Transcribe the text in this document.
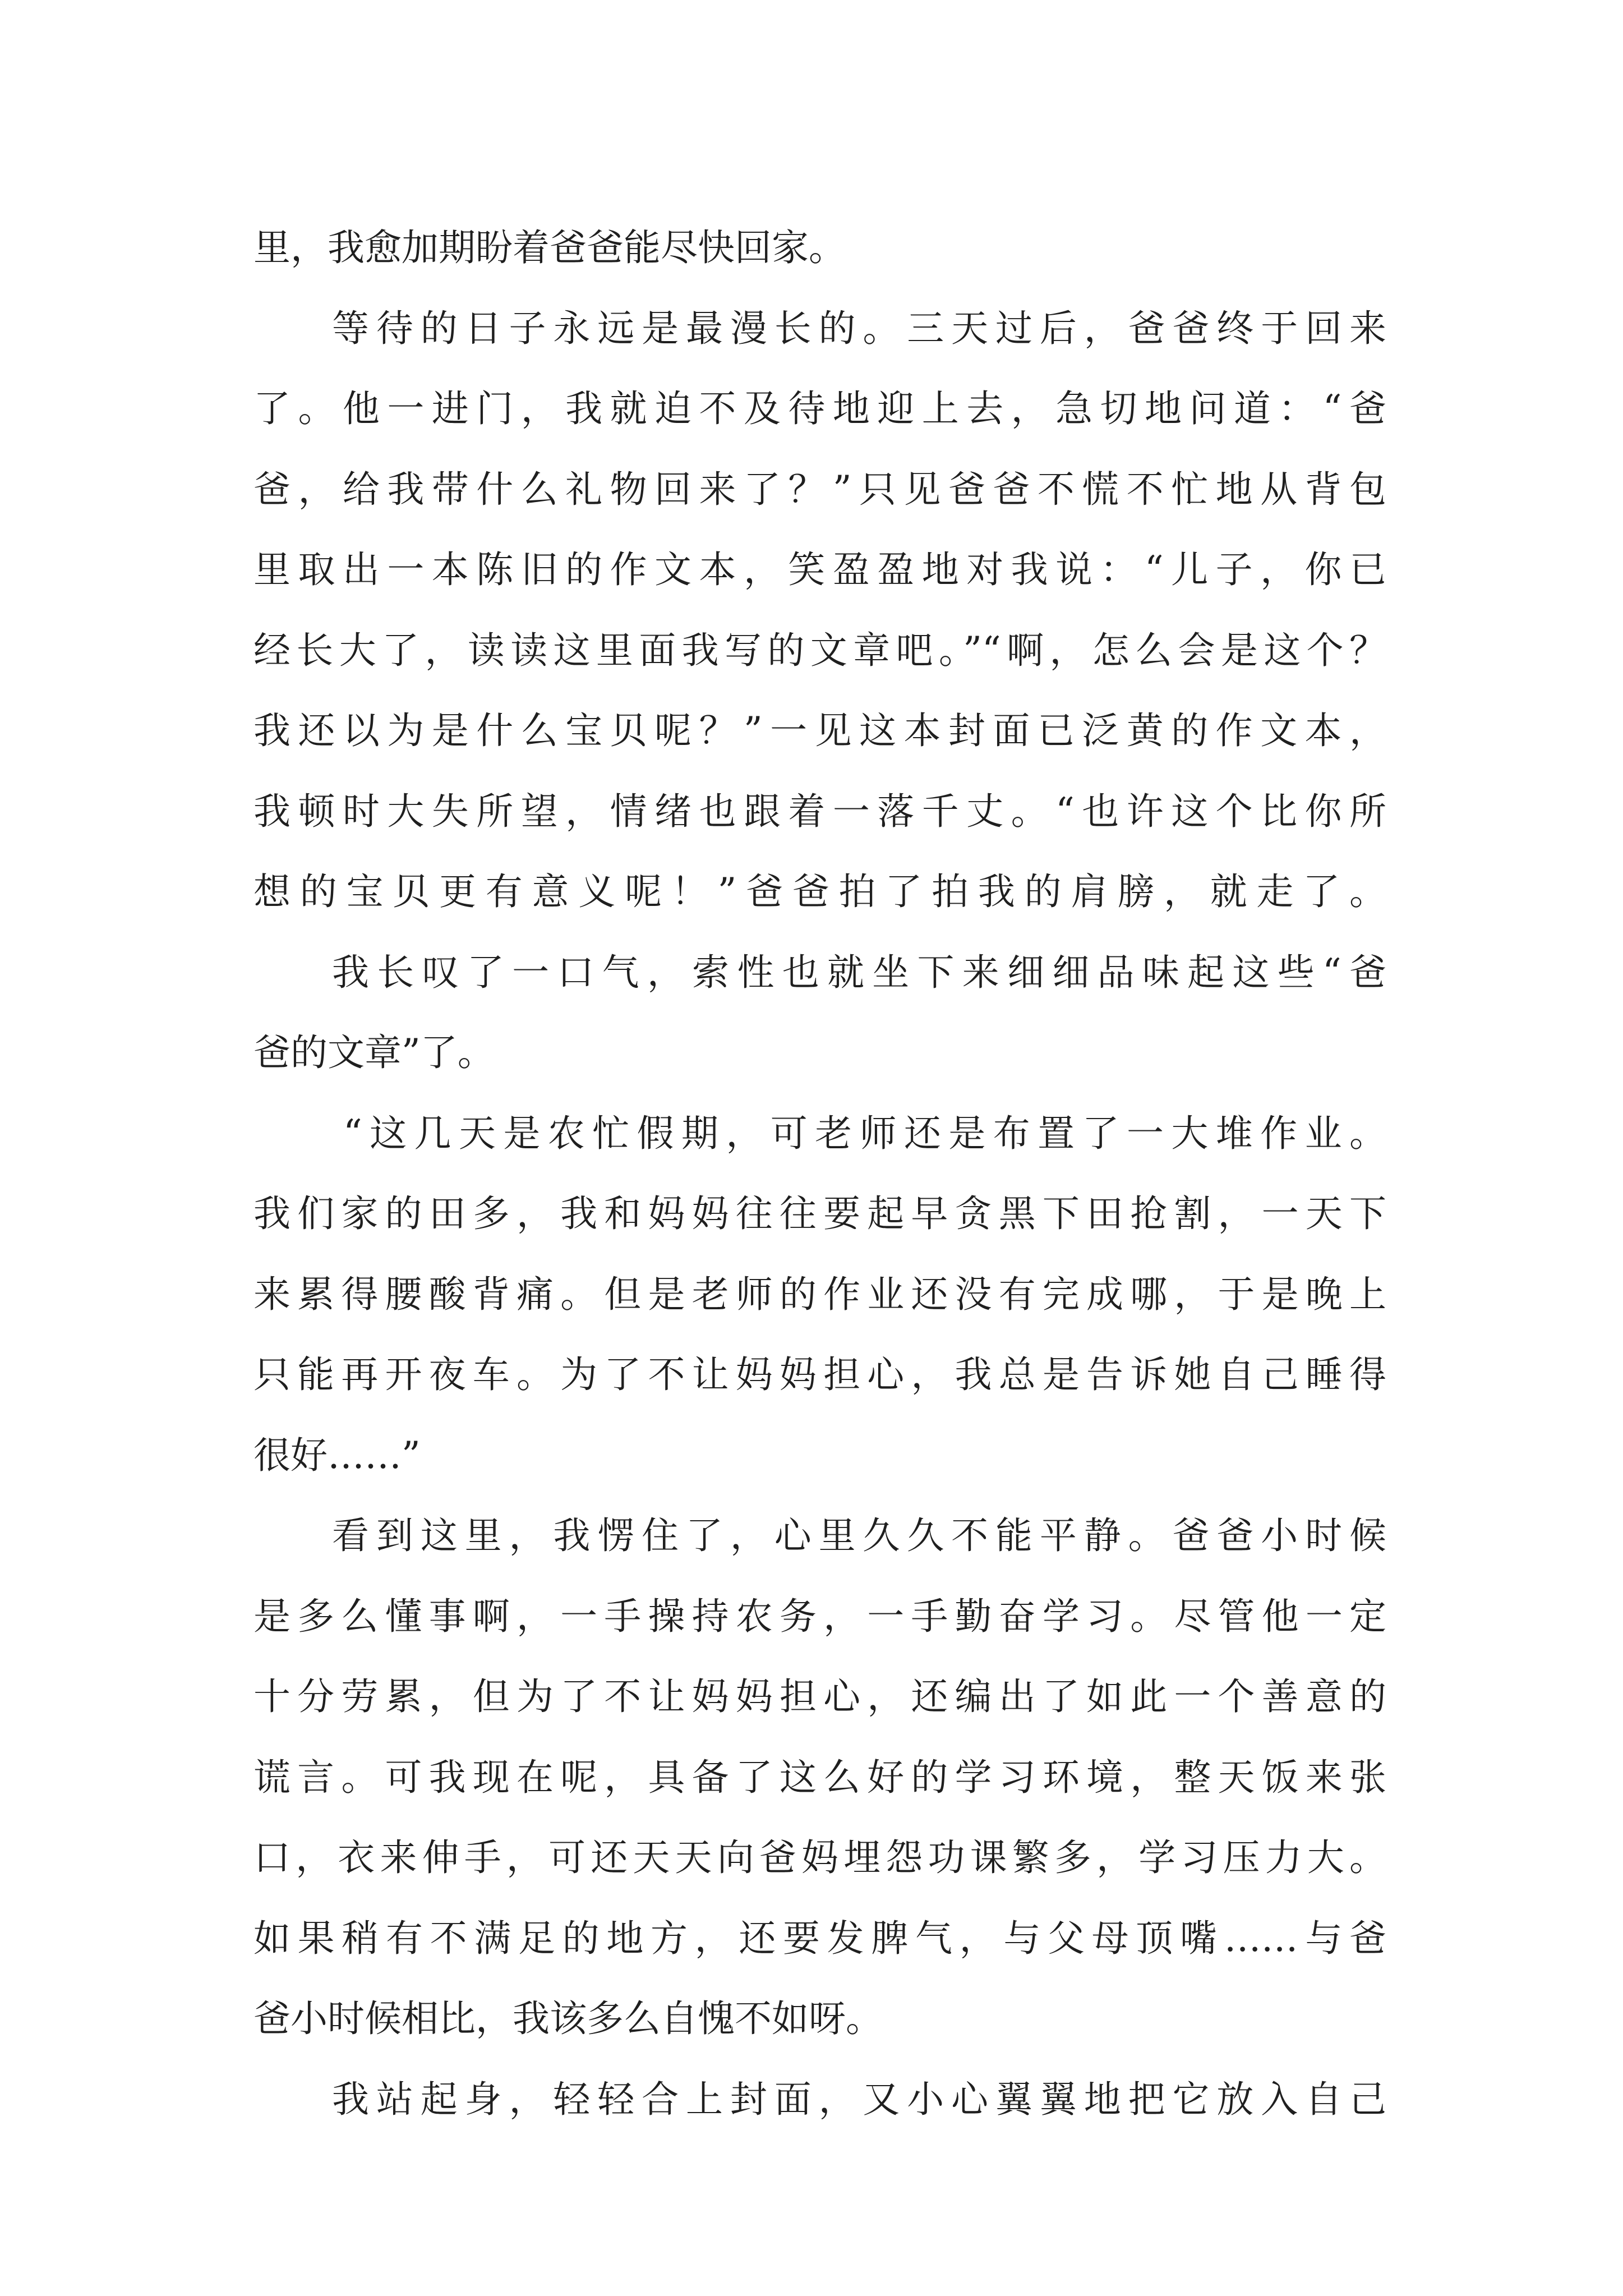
里，我愈加期盼着爸爸能尽快回家。
等待的日子永远是最漫长的。三天过后，爸爸终于回来
了。他一进门，我就迫不及待地迎上去，急切地问道：“爸
爸，给我带什么礼物回来了？”只见爸爸不慌不忙地从背包
里取出一本陈旧的作文本，笑盈盈地对我说：“儿子，你已
经长大了，读读这里面我写的文章吧。”“啊，怎么会是这个？
我还以为是什么宝贝呢？”一见这本封面已泛黄的作文本，
我顿时大失所望，情绪也跟着一落千丈。“也许这个比你所
想的宝贝更有意义呢！”爸爸拍了拍我的肩膀，就走了。
我长叹了一口气，索性也就坐下来细细品味起这些“爸
爸的文章”了。
“这几天是农忙假期，可老师还是布置了一大堆作业。
我们家的田多，我和妈妈往往要起早贪黑下田抢割，一天下
来累得腰酸背痛。但是老师的作业还没有完成哪，于是晚上
只能再开夜车。为了不让妈妈担心，我总是告诉她自己睡得
很好……”
看到这里，我愣住了，心里久久不能平静。爸爸小时候
是多么懂事啊，一手操持农务，一手勤奋学习。尽管他一定
十分劳累，但为了不让妈妈担心，还编出了如此一个善意的
谎言。可我现在呢，具备了这么好的学习环境，整天饭来张
口，衣来伸手，可还天天向爸妈埋怨功课繁多，学习压力大。
如果稍有不满足的地方，还要发脾气，与父母顶嘴……与爸
爸小时候相比，我该多么自愧不如呀。
我站起身，轻轻合上封面，又小心翼翼地把它放入自己
